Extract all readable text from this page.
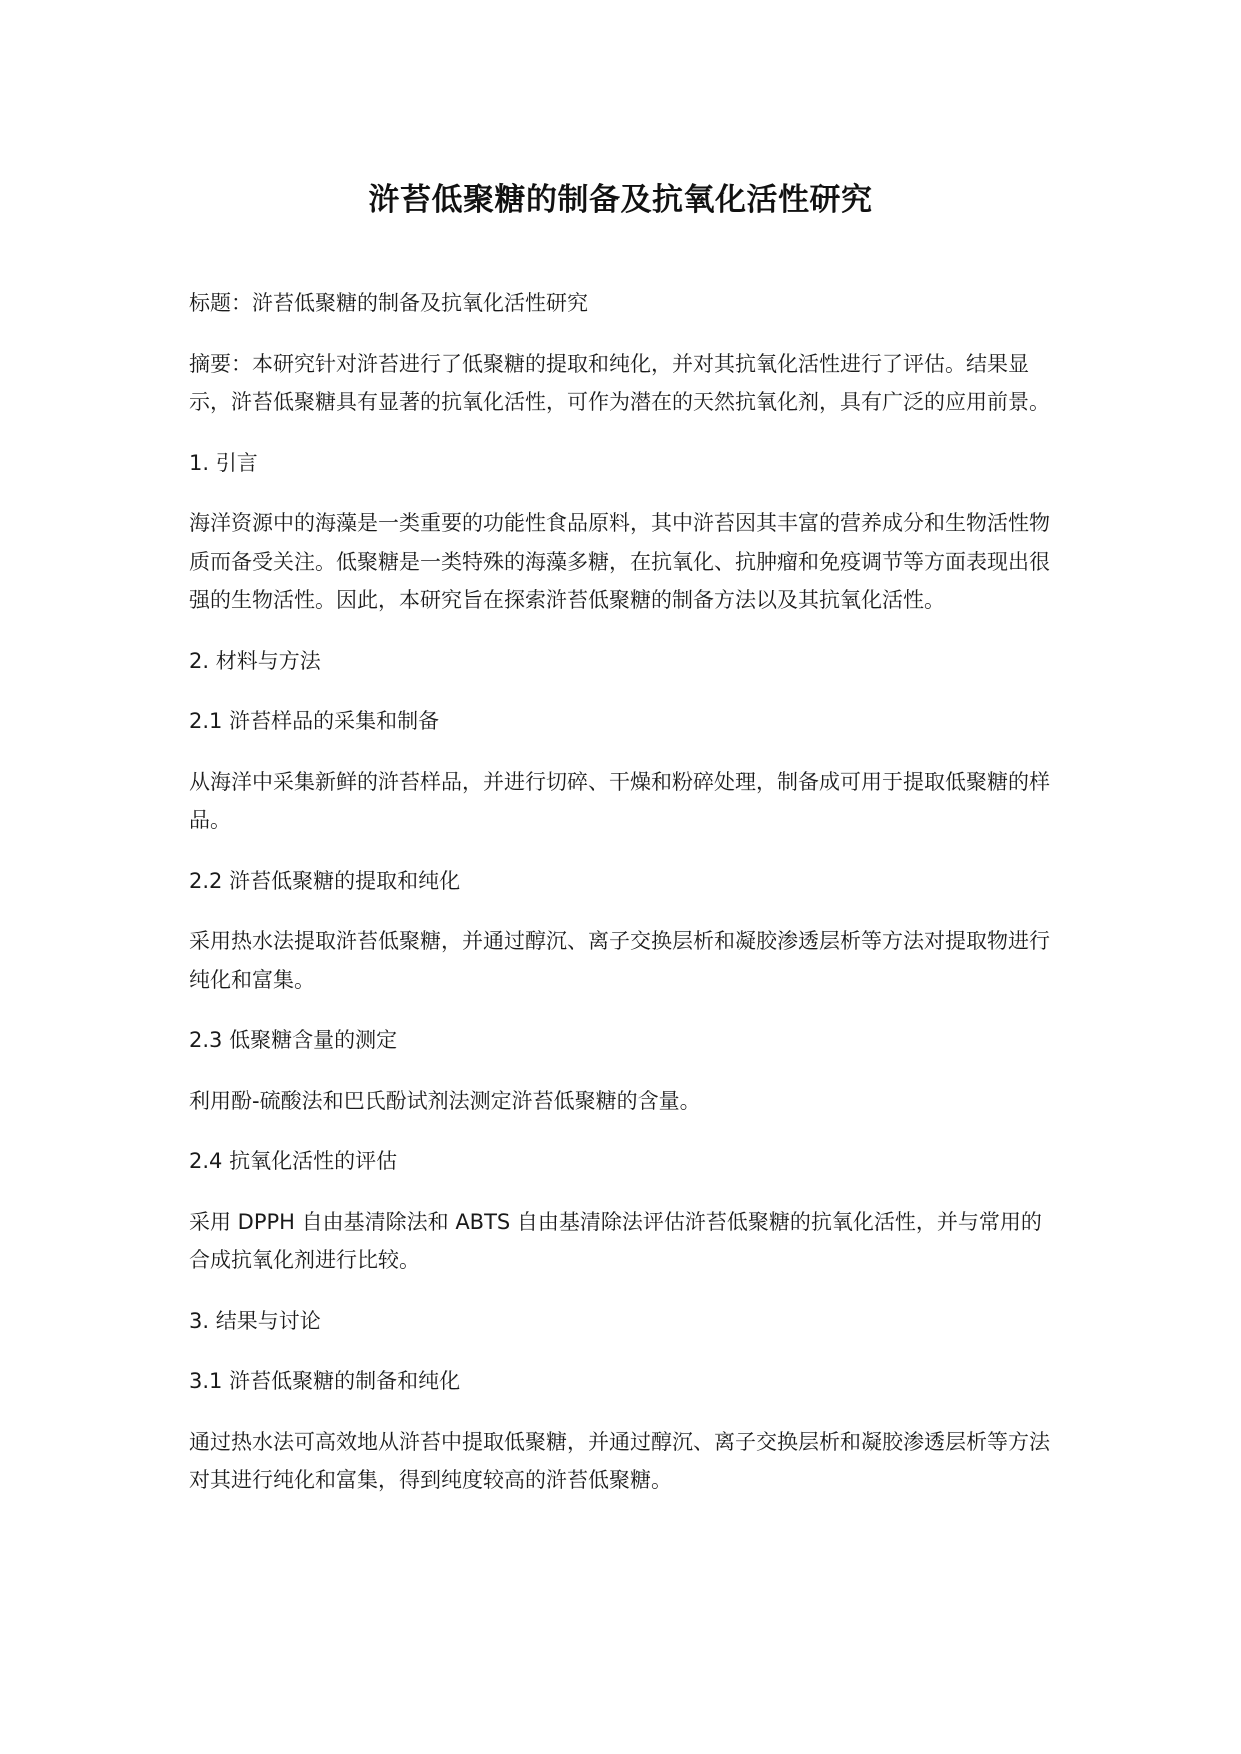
浒苔低聚糖的制备及抗氧化活性研究

标题：浒苔低聚糖的制备及抗氧化活性研究

摘要：本研究针对浒苔进行了低聚糖的提取和纯化，并对其抗氧化活性进行了评估。结果显示，浒苔低聚糖具有显著的抗氧化活性，可作为潜在的天然抗氧化剂，具有广泛的应用前景。

1. 引言

海洋资源中的海藻是一类重要的功能性食品原料，其中浒苔因其丰富的营养成分和生物活性物质而备受关注。低聚糖是一类特殊的海藻多糖，在抗氧化、抗肿瘤和免疫调节等方面表现出很强的生物活性。因此，本研究旨在探索浒苔低聚糖的制备方法以及其抗氧化活性。

2. 材料与方法

2.1 浒苔样品的采集和制备

从海洋中采集新鲜的浒苔样品，并进行切碎、干燥和粉碎处理，制备成可用于提取低聚糖的样品。

2.2 浒苔低聚糖的提取和纯化

采用热水法提取浒苔低聚糖，并通过醇沉、离子交换层析和凝胶渗透层析等方法对提取物进行纯化和富集。

2.3 低聚糖含量的测定

利用酚-硫酸法和巴氏酚试剂法测定浒苔低聚糖的含量。

2.4 抗氧化活性的评估

采用 DPPH 自由基清除法和 ABTS 自由基清除法评估浒苔低聚糖的抗氧化活性，并与常用的合成抗氧化剂进行比较。

3. 结果与讨论

3.1 浒苔低聚糖的制备和纯化

通过热水法可高效地从浒苔中提取低聚糖，并通过醇沉、离子交换层析和凝胶渗透层析等方法对其进行纯化和富集，得到纯度较高的浒苔低聚糖。
